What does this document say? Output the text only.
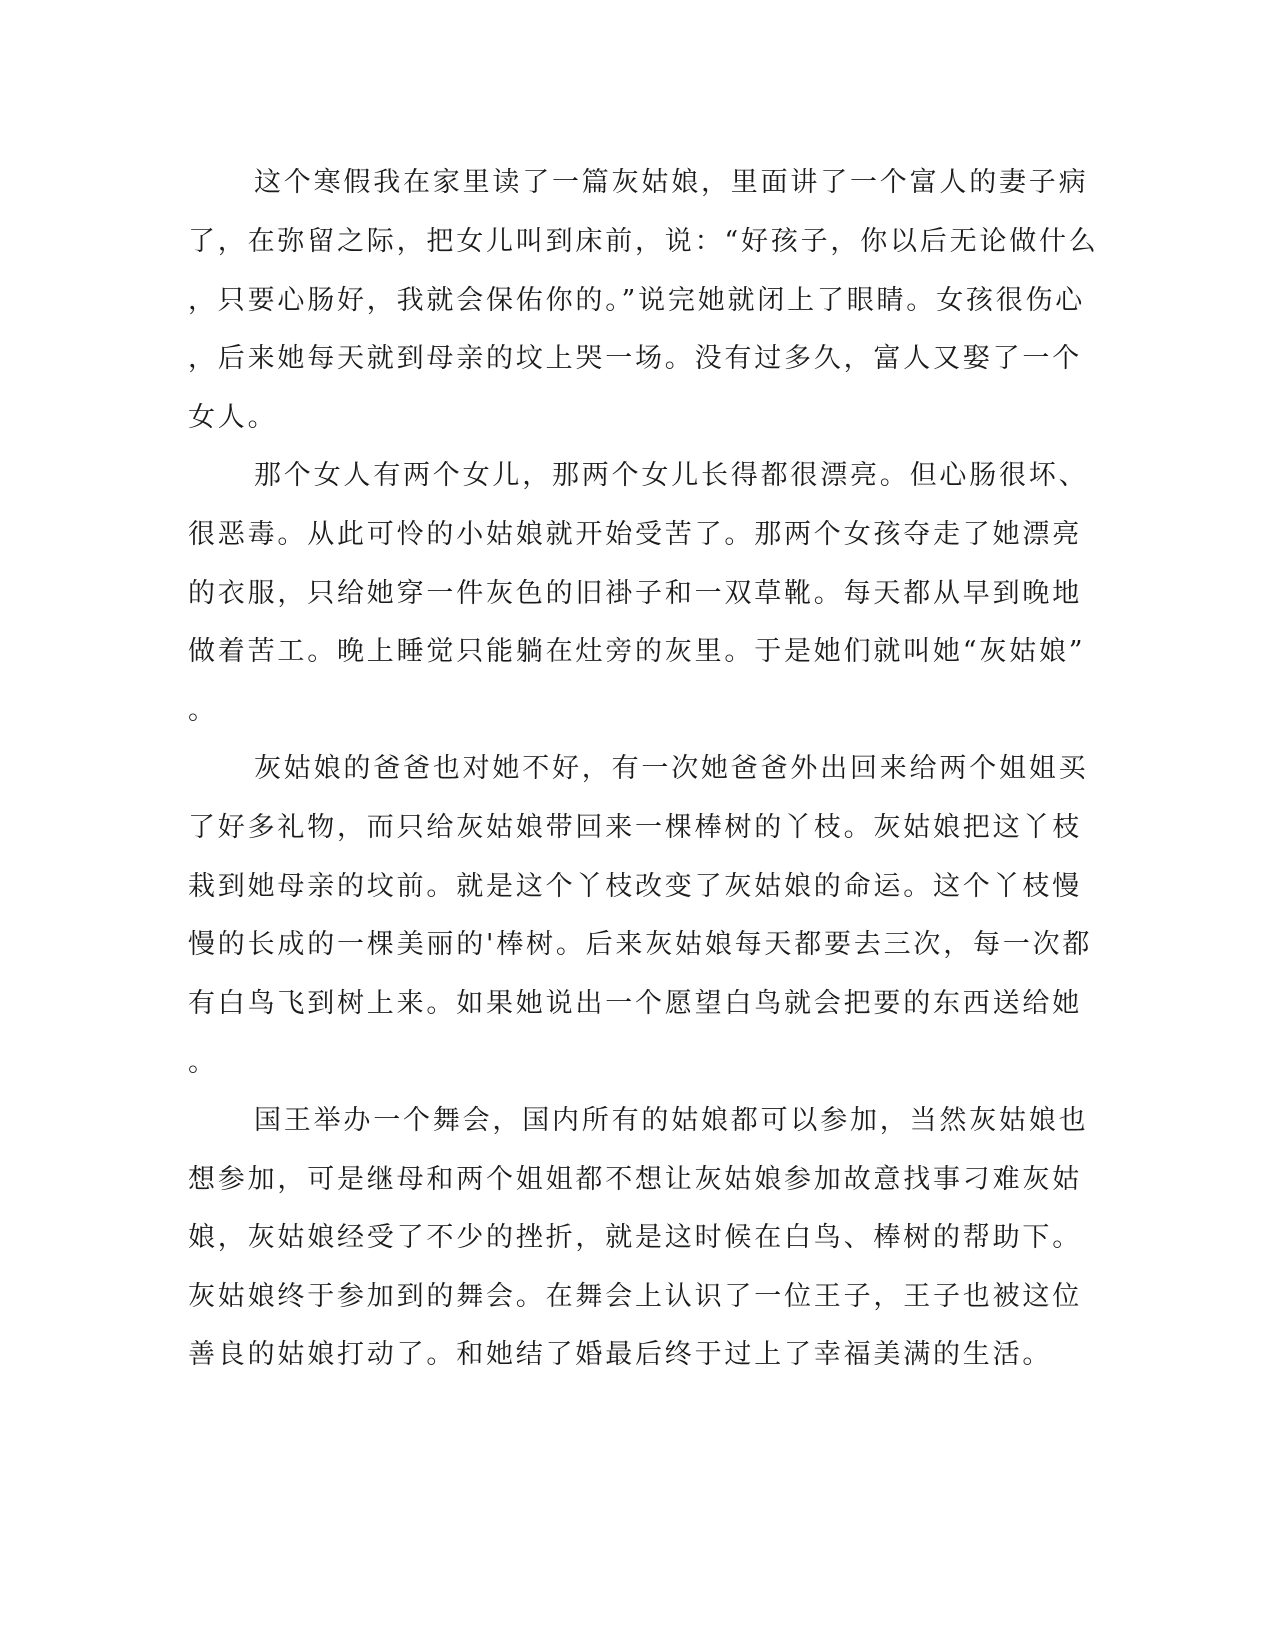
这个寒假我在家里读了一篇灰姑娘，里面讲了一个富人的妻子病
了，在弥留之际，把女儿叫到床前，说：“好孩子，你以后无论做什么
，只要心肠好，我就会保佑你的。”说完她就闭上了眼睛。女孩很伤心
，后来她每天就到母亲的坟上哭一场。没有过多久，富人又娶了一个
女人。
那个女人有两个女儿，那两个女儿长得都很漂亮。但心肠很坏、
很恶毒。从此可怜的小姑娘就开始受苦了。那两个女孩夺走了她漂亮
的衣服，只给她穿一件灰色的旧褂子和一双草靴。每天都从早到晚地
做着苦工。晚上睡觉只能躺在灶旁的灰里。于是她们就叫她“灰姑娘”
。
灰姑娘的爸爸也对她不好，有一次她爸爸外出回来给两个姐姐买
了好多礼物，而只给灰姑娘带回来一棵棒树的丫枝。灰姑娘把这丫枝
栽到她母亲的坟前。就是这个丫枝改变了灰姑娘的命运。这个丫枝慢
慢的长成的一棵美丽的'棒树。后来灰姑娘每天都要去三次，每一次都
有白鸟飞到树上来。如果她说出一个愿望白鸟就会把要的东西送给她
。
国王举办一个舞会，国内所有的姑娘都可以参加，当然灰姑娘也
想参加，可是继母和两个姐姐都不想让灰姑娘参加故意找事刁难灰姑
娘，灰姑娘经受了不少的挫折，就是这时候在白鸟、棒树的帮助下。
灰姑娘终于参加到的舞会。在舞会上认识了一位王子，王子也被这位
善良的姑娘打动了。和她结了婚最后终于过上了幸福美满的生活。
